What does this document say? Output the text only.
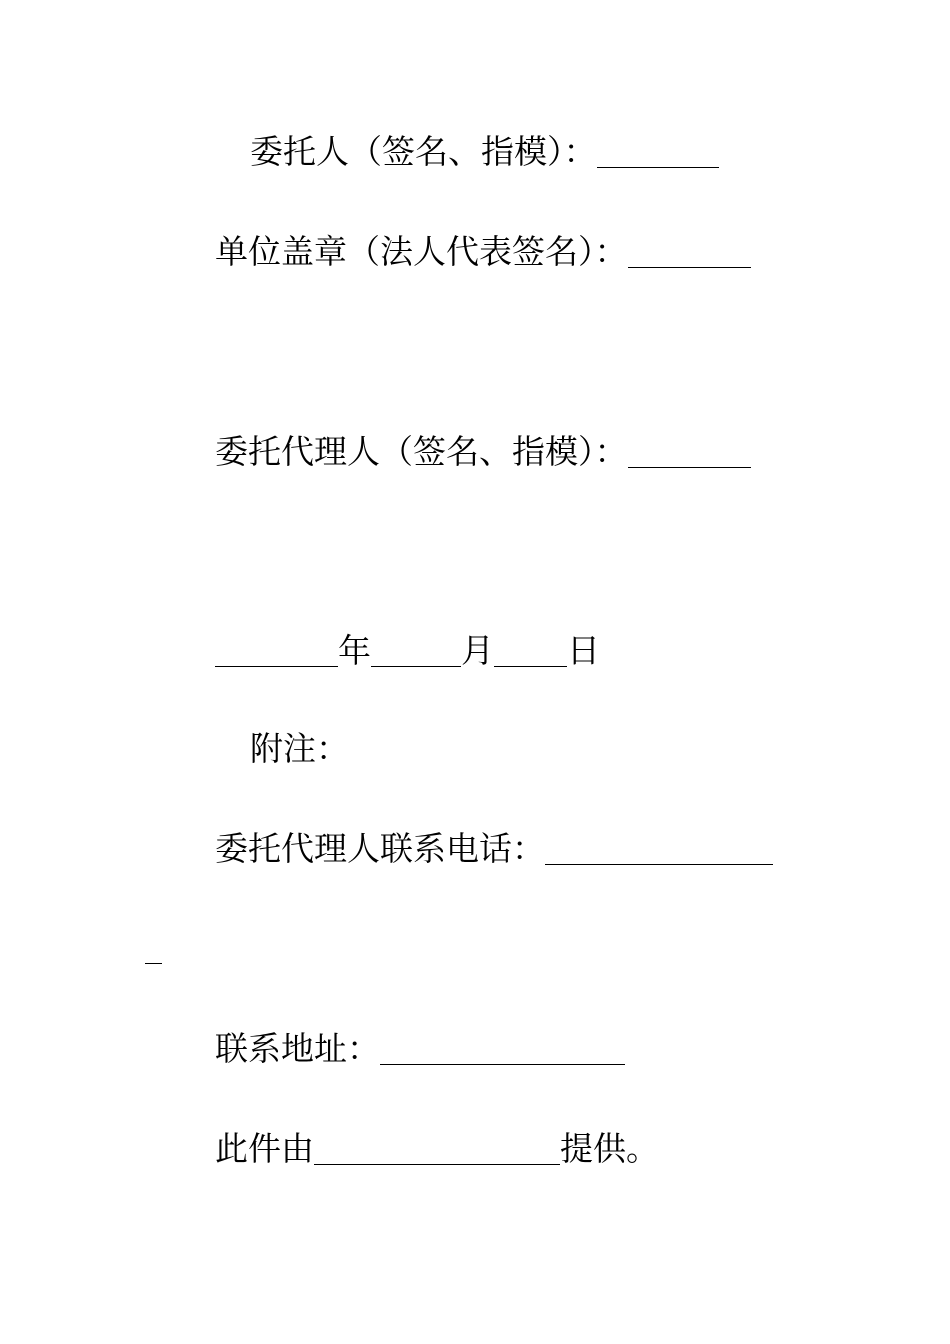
委托人（签名、指模）：
单位盖章（法人代表签名）：
委托代理人（签名、指模）：
年	月 日
附注：
委托代理人联系电话：
联系地址：
此件由	提供。
